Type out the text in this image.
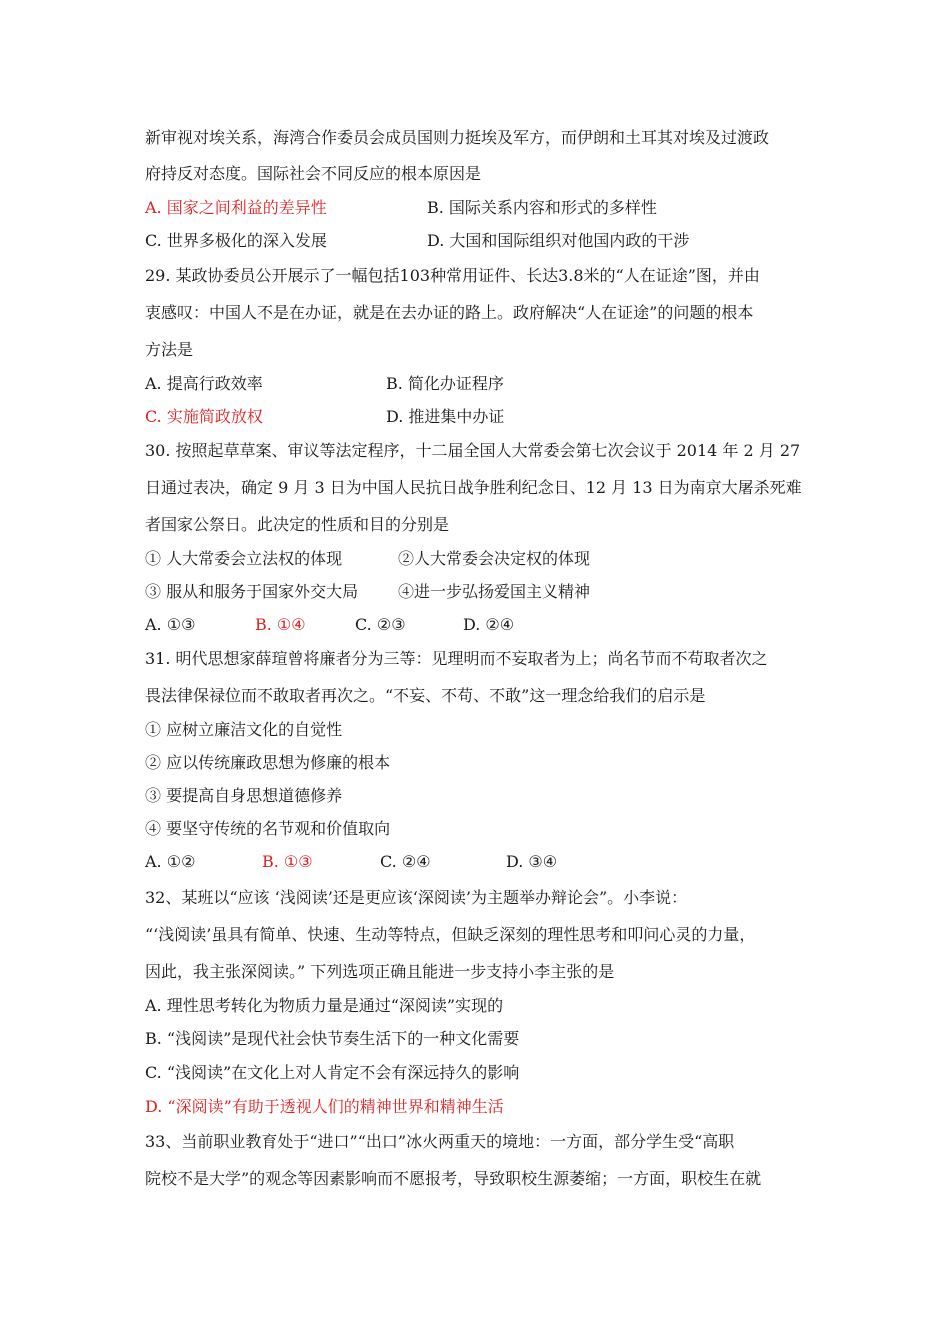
新审视对埃关系，海湾合作委员会成员国则力挺埃及军方，而伊朗和土耳其对埃及过渡政
府持反对态度。国际社会不同反应的根本原因是
A. 国家之间利益的差异性	B. 国际关系内容和形式的多样性
C. 世界多极化的深入发展	D. 大国和国际组织对他国内政的干涉
29. 某政协委员公开展示了一幅包括103种常用证件、长达3.8米的“人在证途”图，并由
衷感叹：中国人不是在办证，就是在去办证的路上。政府解决“人在证途”的问题的根本
方法是
A. 提高行政效率	B. 简化办证程序
C. 实施简政放权	D. 推进集中办证
30. 按照起草草案、审议等法定程序，十二届全国人大常委会第七次会议于 2014 年 2 月 27
日通过表决，确定 9 月 3 日为中国人民抗日战争胜利纪念日、12 月 13 日为南京大屠杀死难
者国家公祭日。此决定的性质和目的分别是
① 人大常委会立法权的体现	②人大常委会决定权的体现
③ 服从和服务于国家外交大局 ④进一步弘扬爱国主义精神
A. ①③	B. ①④	C. ②③	D. ②④
31. 明代思想家薛瑄曾将廉者分为三等：见理明而不妄取者为上；尚名节而不苟取者次之
畏法律保禄位而不敢取者再次之。“不妄、不苟、不敢”这一理念给我们的启示是
① 应树立廉洁文化的自觉性
② 应以传统廉政思想为修廉的根本
③ 要提高自身思想道德修养
④ 要坚守传统的名节观和价值取向
A. ①②	B. ①③	C. ②④	D. ③④
32、某班以“应该 ‘浅阅读’还是更应该‘深阅读’为主题举办辩论会”。小李说：
“‘浅阅读’虽具有简单、快速、生动等特点，但缺乏深刻的理性思考和叩问心灵的力量，
因此，我主张深阅读。” 下列选项正确且能进一步支持小李主张的是
A. 理性思考转化为物质力量是通过“深阅读”实现的
B. “浅阅读”是现代社会快节奏生活下的一种文化需要
C. “浅阅读”在文化上对人肯定不会有深远持久的影响
D. “深阅读”有助于透视人们的精神世界和精神生活
33、当前职业教育处于“进口”“出口”冰火两重天的境地：一方面，部分学生受“高职
院校不是大学”的观念等因素影响而不愿报考，导致职校生源萎缩；一方面，职校生在就
